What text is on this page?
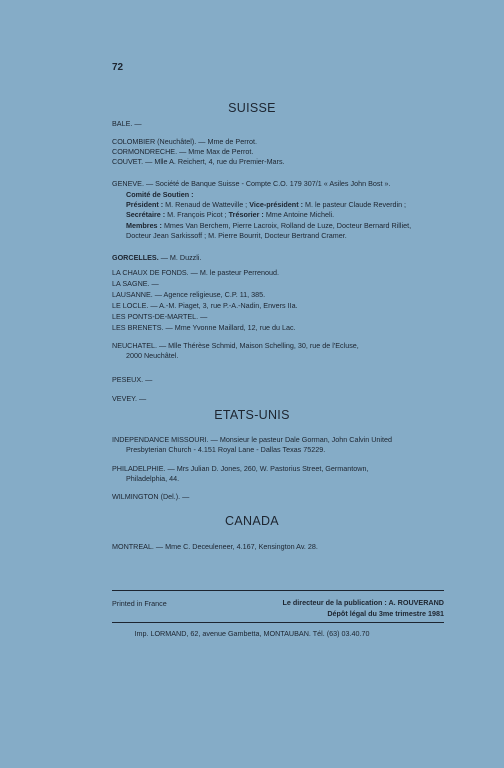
72
SUISSE
BALE. —
COLOMBIER (Neuchâtel). — Mme de Perrot.
CORMONDRECHE. — Mme Max de Perrot.
COUVET. — Mlle A. Reichert, 4, rue du Premier-Mars.
GENEVE. — Société de Banque Suisse - Compte C.O. 179 307/1 « Asiles John Bost ».
Comité de Soutien :
Président : M. Renaud de Watteville ; Vice-président : M. le pasteur Claude Reverdin ;
Secrétaire : M. François Picot ; Trésorier : Mme Antoine Micheli.
Membres : Mmes Van Berchem, Pierre Lacroix, Rolland de Luze, Docteur Bernard Rilliet,
Docteur Jean Sarkissoff ; M. Pierre Bourrit, Docteur Bertrand Cramer.
GORCELLES. — M. Duzzli.
LA CHAUX DE FONDS. — M. le pasteur Perrenoud.
LA SAGNE. —
LAUSANNE. — Agence religieuse, C.P. 11, 385.
LE LOCLE. — A.-M. Piaget, 3, rue P.-A.-Nadin, Envers IIa.
LES PONTS-DE-MARTEL. —
LES BRENETS. — Mme Yvonne Maillard, 12, rue du Lac.
NEUCHATEL. — Mlle Thérèse Schmid, Maison Schelling, 30, rue de l'Ecluse,
2000 Neuchâtel.
PESEUX. —
VEVEY. —
ETATS-UNIS
INDEPENDANCE MISSOURI. — Monsieur le pasteur Dale Gorman, John Calvin United
Presbyterian Church - 4.151 Royal Lane - Dallas Texas 75229.
PHILADELPHIE. — Mrs Julian D. Jones, 260, W. Pastorius Street, Germantown,
Philadelphia, 44.
WILMINGTON (Del.). —
CANADA
MONTREAL. — Mme C. Deceuleneer, 4.167, Kensington Av. 28.
Printed in France	Le directeur de la publication : A. ROUVERAND
Dépôt légal du 3me trimestre 1981
Imp. LORMAND, 62, avenue Gambetta, MONTAUBAN. Tél. (63) 03.40.70
